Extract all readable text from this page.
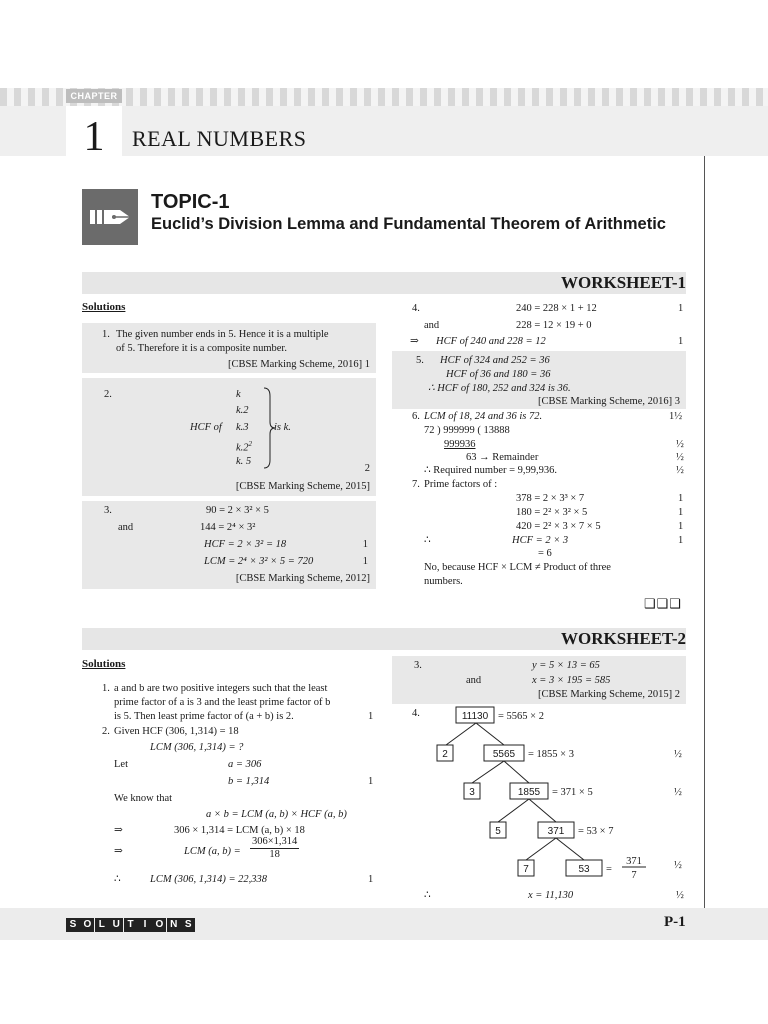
CHAPTER
1	REAL NUMBERS
TOPIC-1
Euclid’s Division Lemma and Fundamental Theorem of Arithmetic
WORKSHEET-1
Solutions
1. The given number ends in 5. Hence it is a multiple
of 5. Therefore it is a composite number.
[CBSE Marking Scheme, 2016] 1
2.	k
k.2
HCF of k.3
$k.2^2$
k. 5
is k.
2
[CBSE Marking Scheme, 2015]
3.	90 = 2 × 3² × 5
and	144 = 2⁴ × 3²
HCF = 2 × 3² = 18	1
LCM = 2⁴ × 3² × 5 = 720	1
[CBSE Marking Scheme, 2012]
4.	240 = 228 × 1 + 12	1
and	228 = 12 × 19 + 0
⇒ HCF of 240 and 228 = 12	1
5. HCF of 324 and 252 = 36
HCF of 36 and 180 = 36
∴ HCF of 180, 252 and 324 is 36.
[CBSE Marking Scheme, 2016] 3
6. LCM of 18, 24 and 36 is 72.	1½
72 ) 999999 ( 13888
999936	½
63 → Remainder	½
∴ Required number = 9,99,936.	½
7. Prime factors of :
378 = 2 × 3³ × 7	1
180 = 2² × 3² × 5	1
420 = 2² × 3 × 7 × 5	1
∴	HCF = 2 × 3	1
= 6
No, because HCF × LCM ≠ Product of three
numbers.
❑❑❑
WORKSHEET-2
Solutions
1. a and b are two positive integers such that the least
prime factor of a is 3 and the least prime factor of b
is 5. Then least prime factor of (a + b) is 2.	1
2. Given HCF (306, 1,314) = 18
LCM (306, 1,314) = ?
Let	a = 306
b = 1,314	1
We know that
a × b = LCM (a, b) × HCF (a, b)
⇒	306 × 1,314 = LCM (a, b) × 18
⇒	LCM (a, $b) = \frac{306\times 1,314}{18}$
∴	LCM (306, 1,314) = 22,338	1
3.	y = 5 × 13 = 65
and	x = 3 × 195 = 585
[CBSE Marking Scheme, 2015] 2
4.	11130 = 5565 × 2
2	5565 = 1855 × 3	½
3	1855 = 371 × 5	½
5	371 = 53 × 7
7	53 =
371
7
½
∴	x = 11,130	½
S O L U T I O N S	P-1
